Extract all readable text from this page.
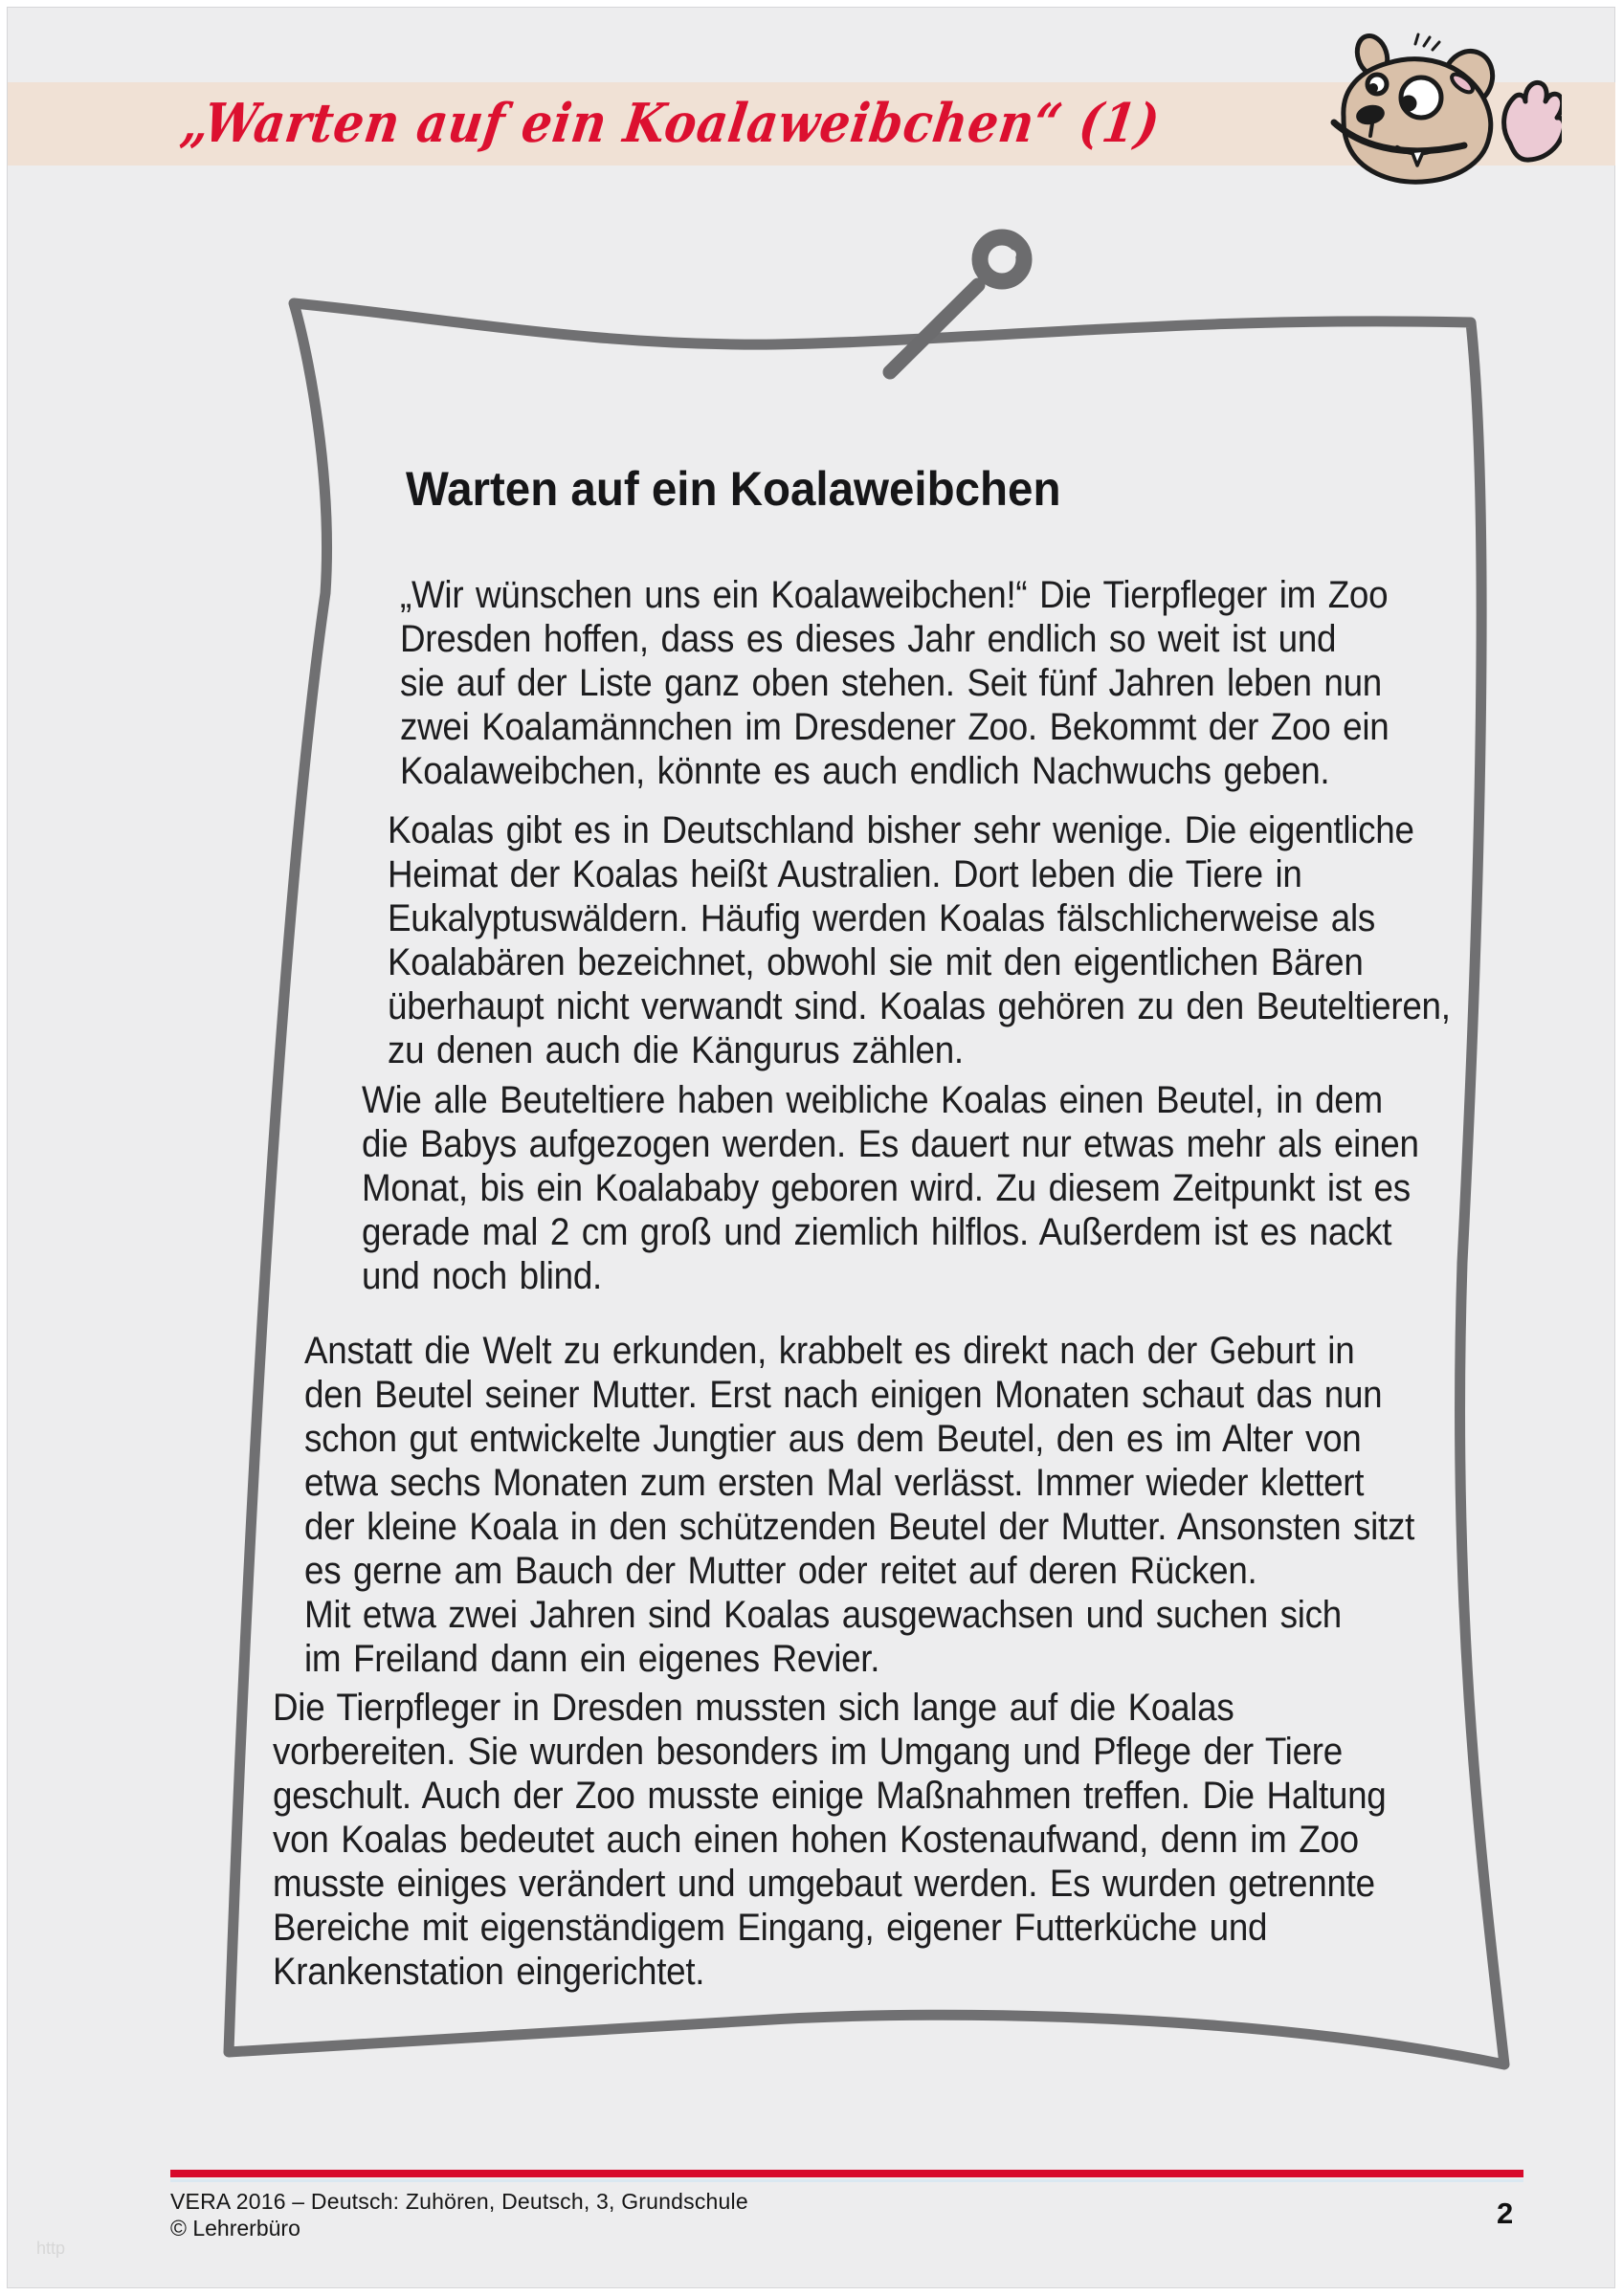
„Warten auf ein Koalaweibchen“ (1)
Warten auf ein Koalaweibchen
„Wir wünschen uns ein Koalaweibchen!“ Die Tierpfleger im Zoo
Dresden hoffen, dass es dieses Jahr endlich so weit ist und
sie auf der Liste ganz oben stehen. Seit fünf Jahren leben nun
zwei Koalamännchen im Dresdener Zoo. Bekommt der Zoo ein
Koalaweibchen, könnte es auch endlich Nachwuchs geben.
Koalas gibt es in Deutschland bisher sehr wenige. Die eigentliche
Heimat der Koalas heißt Australien. Dort leben die Tiere in
Eukalyptuswäldern. Häufig werden Koalas fälschlicherweise als
Koalabären bezeichnet, obwohl sie mit den eigentlichen Bären
überhaupt nicht verwandt sind. Koalas gehören zu den Beuteltieren,
zu denen auch die Kängurus zählen.
Wie alle Beuteltiere haben weibliche Koalas einen Beutel, in dem
die Babys aufgezogen werden. Es dauert nur etwas mehr als einen
Monat, bis ein Koalababy geboren wird. Zu diesem Zeitpunkt ist es
gerade mal 2 cm groß und ziemlich hilflos. Außerdem ist es nackt
und noch blind.
Anstatt die Welt zu erkunden, krabbelt es direkt nach der Geburt in
den Beutel seiner Mutter. Erst nach einigen Monaten schaut das nun
schon gut entwickelte Jungtier aus dem Beutel, den es im Alter von
etwa sechs Monaten zum ersten Mal verlässt. Immer wieder klettert
der kleine Koala in den schützenden Beutel der Mutter. Ansonsten sitzt
es gerne am Bauch der Mutter oder reitet auf deren Rücken.
Mit etwa zwei Jahren sind Koalas ausgewachsen und suchen sich
im Freiland dann ein eigenes Revier.
Die Tierpfleger in Dresden mussten sich lange auf die Koalas
vorbereiten. Sie wurden besonders im Umgang und Pflege der Tiere
geschult. Auch der Zoo musste einige Maßnahmen treffen. Die Haltung
von Koalas bedeutet auch einen hohen Kostenaufwand, denn im Zoo
musste einiges verändert und umgebaut werden. Es wurden getrennte
Bereiche mit eigenständigem Eingang, eigener Futterküche und
Krankenstation eingerichtet.
VERA 2016 – Deutsch: Zuhören, Deutsch, 3, Grundschule
© Lehrerbüro	2
http
